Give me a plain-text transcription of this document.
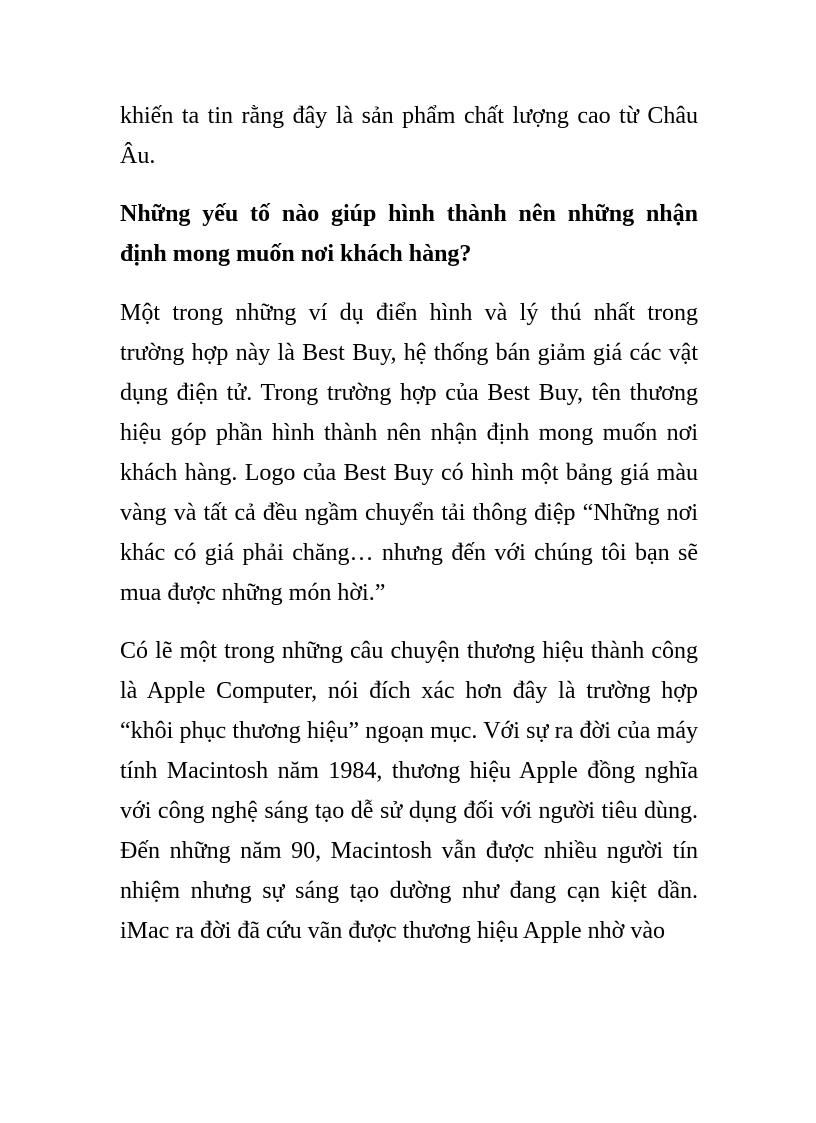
khiến ta tin rằng đây là sản phẩm chất lượng cao từ Châu Âu.

Những yếu tố nào giúp hình thành nên những nhận định mong muốn nơi khách hàng?

Một trong những ví dụ điển hình và lý thú nhất trong trường hợp này là Best Buy, hệ thống bán giảm giá các vật dụng điện tử. Trong trường hợp của Best Buy, tên thương hiệu góp phần hình thành nên nhận định mong muốn nơi khách hàng. Logo của Best Buy có hình một bảng giá màu vàng và tất cả đều ngầm chuyển tải thông điệp “Những nơi khác có giá phải chăng… nhưng đến với chúng tôi bạn sẽ mua được những món hời.”

Có lẽ một trong những câu chuyện thương hiệu thành công là Apple Computer, nói đích xác hơn đây là trường hợp “khôi phục thương hiệu” ngoạn mục. Với sự ra đời của máy tính Macintosh năm 1984, thương hiệu Apple đồng nghĩa với công nghệ sáng tạo dễ sử dụng đối với người tiêu dùng. Đến những năm 90, Macintosh vẫn được nhiều người tín nhiệm nhưng sự sáng tạo dường như đang cạn kiệt dần. iMac ra đời đã cứu vãn được thương hiệu Apple nhờ vào
